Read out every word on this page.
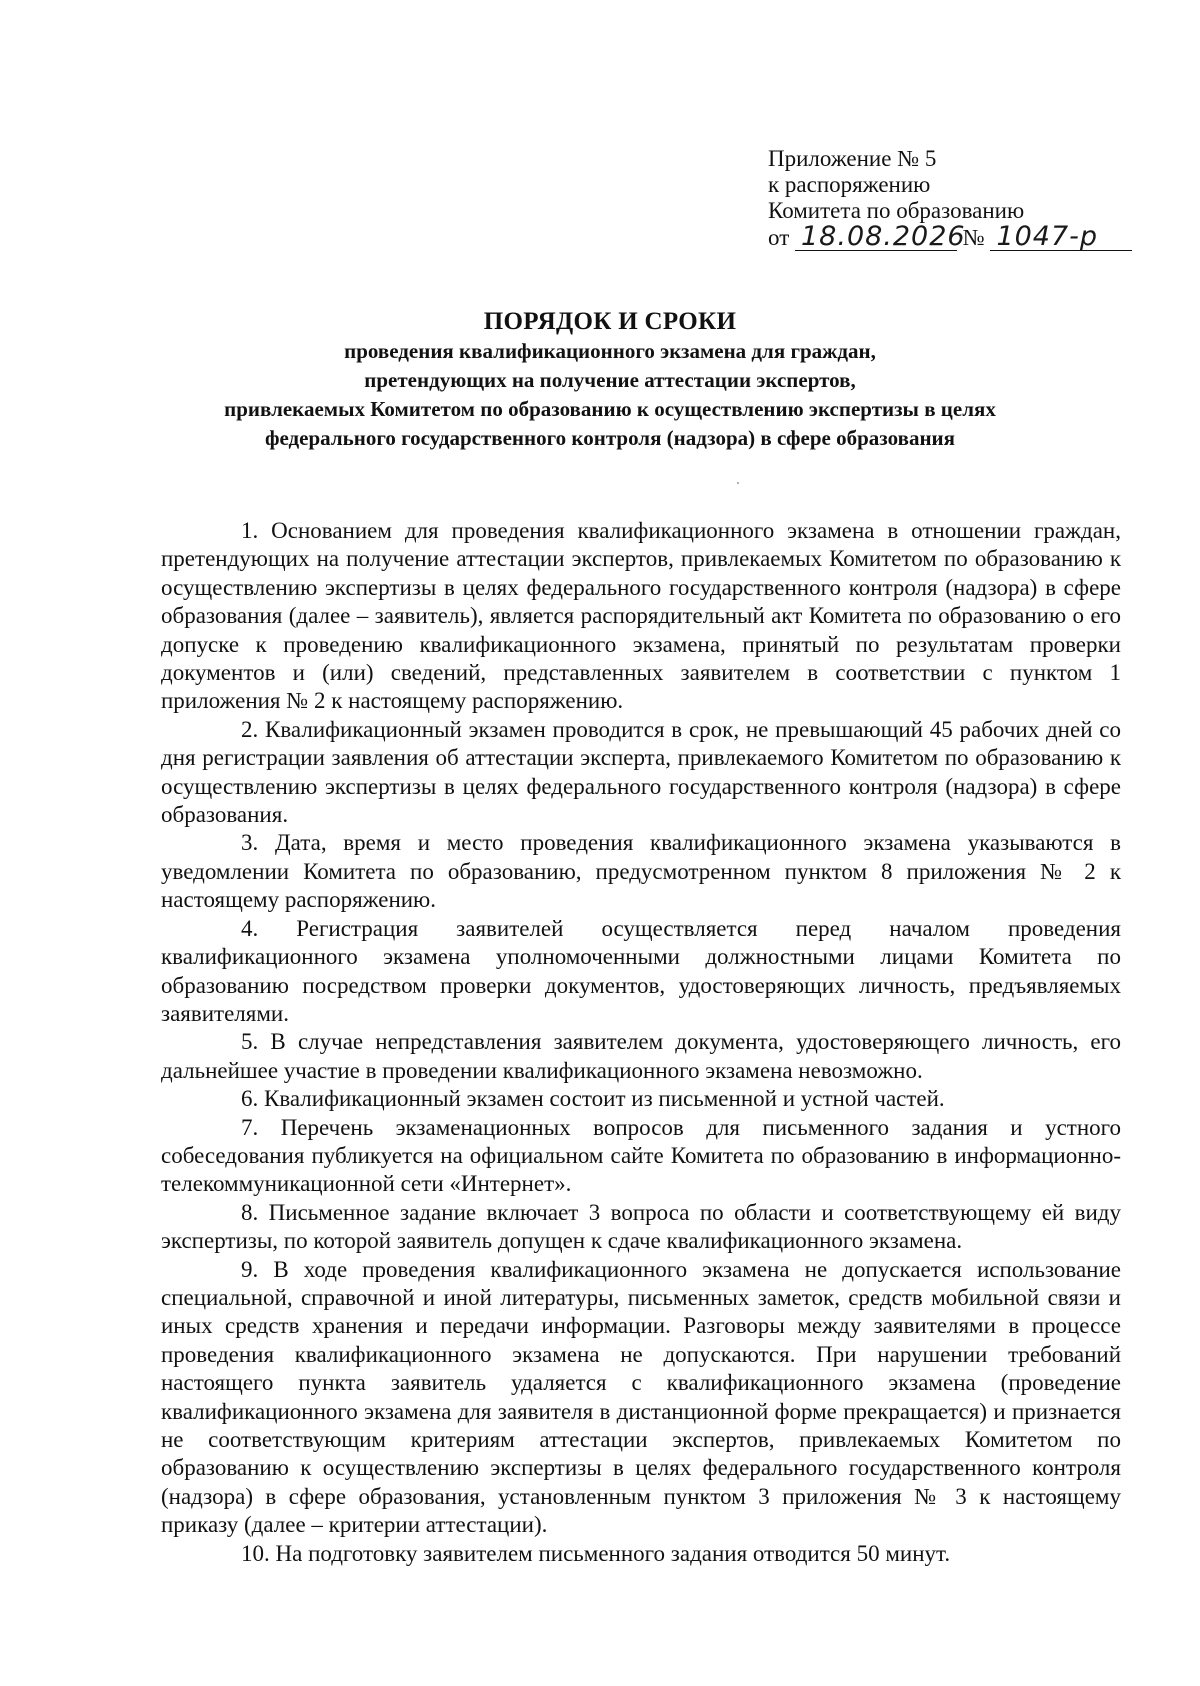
Приложение № 5
к распоряжению
Комитета по образованию
от 18.08.2026 № 1047-р
ПОРЯДОК И СРОКИ
проведения квалификационного экзамена для граждан,
претендующих на получение аттестации экспертов,
привлекаемых Комитетом по образованию к осуществлению экспертизы в целях
федерального государственного контроля (надзора) в сфере образования

1. Основанием для проведения квалификационного экзамена в отношении граждан, претендующих на получение аттестации экспертов, привлекаемых Комитетом по образованию к осуществлению экспертизы в целях федерального государственного контроля (надзора) в сфере образования (далее – заявитель), является распорядительный акт Комитета по образованию о его допуске к проведению квалификационного экзамена, принятый по результатам проверки документов и (или) сведений, представленных заявителем в соответствии с пунктом 1 приложения № 2 к настоящему распоряжению.

2. Квалификационный экзамен проводится в срок, не превышающий 45 рабочих дней со дня регистрации заявления об аттестации эксперта, привлекаемого Комитетом по образованию к осуществлению экспертизы в целях федерального государственного контроля (надзора) в сфере образования.

3. Дата, время и место проведения квалификационного экзамена указываются в уведомлении Комитета по образованию, предусмотренном пунктом 8 приложения № 2 к настоящему распоряжению.

4. Регистрация заявителей осуществляется перед началом проведения квалификационного экзамена уполномоченными должностными лицами Комитета по образованию посредством проверки документов, удостоверяющих личность, предъявляемых заявителями.

5. В случае непредставления заявителем документа, удостоверяющего личность, его дальнейшее участие в проведении квалификационного экзамена невозможно.

6. Квалификационный экзамен состоит из письменной и устной частей.

7. Перечень экзаменационных вопросов для письменного задания и устного собеседования публикуется на официальном сайте Комитета по образованию в информационно-телекоммуникационной сети «Интернет».

8. Письменное задание включает 3 вопроса по области и соответствующему ей виду экспертизы, по которой заявитель допущен к сдаче квалификационного экзамена.

9. В ходе проведения квалификационного экзамена не допускается использование специальной, справочной и иной литературы, письменных заметок, средств мобильной связи и иных средств хранения и передачи информации. Разговоры между заявителями в процессе проведения квалификационного экзамена не допускаются. При нарушении требований настоящего пункта заявитель удаляется с квалификационного экзамена (проведение квалификационного экзамена для заявителя в дистанционной форме прекращается) и признается не соответствующим критериям аттестации экспертов, привлекаемых Комитетом по образованию к осуществлению экспертизы в целях федерального государственного контроля (надзора) в сфере образования, установленным пунктом 3 приложения № 3 к настоящему приказу (далее – критерии аттестации).

10. На подготовку заявителем письменного задания отводится 50 минут.
